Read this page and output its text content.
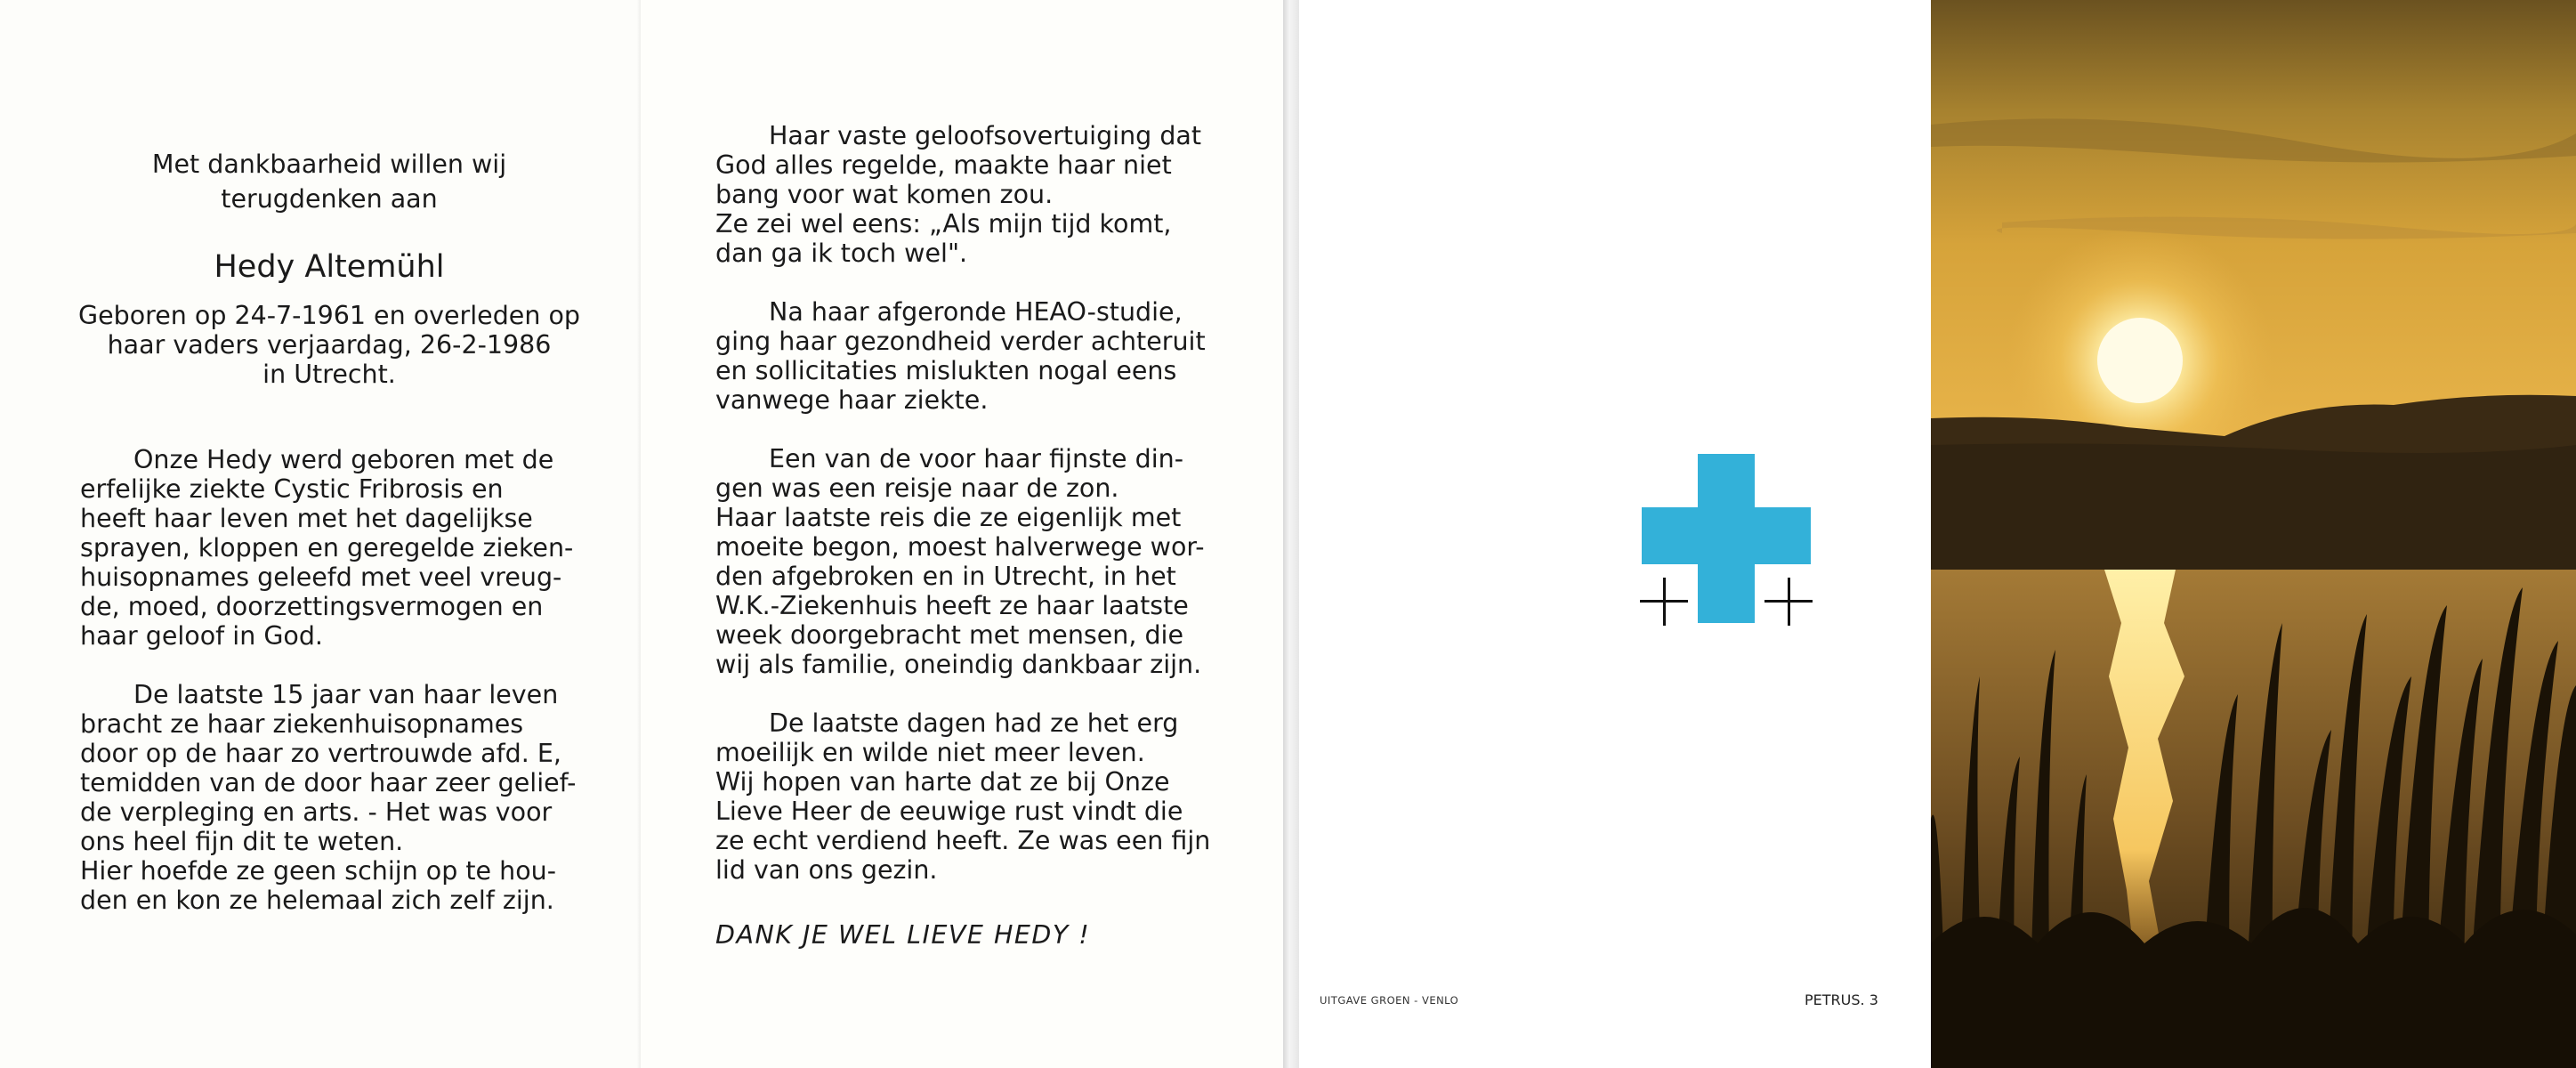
Met dankbaarheid willen wij

terugdenken aan

Hedy Altemühl

Geboren op 24-7-1961 en overleden op

haar vaders verjaardag, 26-2-1986

in Utrecht.

Onze Hedy werd geboren met de
erfelijke ziekte Cystic Fribrosis en
heeft haar leven met het dagelijkse
sprayen, kloppen en geregelde zieken-
huisopnames geleefd met veel vreug-
de, moed, doorzettingsvermogen en
haar geloof in God.

De laatste 15 jaar van haar leven
bracht ze haar ziekenhuisopnames
door op de haar zo vertrouwde afd. E,
temidden van de door haar zeer gelief-
de verpleging en arts. - Het was voor
ons heel fijn dit te weten.
Hier hoefde ze geen schijn op te hou-
den en kon ze helemaal zich zelf zijn.

Haar vaste geloofsovertuiging dat
God alles regelde, maakte haar niet
bang voor wat komen zou.
Ze zei wel eens: „Als mijn tijd komt,
dan ga ik toch wel".

Na haar afgeronde HEAO-studie,
ging haar gezondheid verder achteruit
en sollicitaties mislukten nogal eens
vanwege haar ziekte.

Een van de voor haar fijnste din-
gen was een reisje naar de zon.
Haar laatste reis die ze eigenlijk met
moeite begon, moest halverwege wor-
den afgebroken en in Utrecht, in het
W.K.-Ziekenhuis heeft ze haar laatste
week doorgebracht met mensen, die
wij als familie, oneindig dankbaar zijn.

De laatste dagen had ze het erg
moeilijk en wilde niet meer leven.
Wij hopen van harte dat ze bij Onze
Lieve Heer de eeuwige rust vindt die
ze echt verdiend heeft. Ze was een fijn
lid van ons gezin.

DANK JE WEL LIEVE HEDY !

UITGAVE GROEN - VENLO	PETRUS. 3
